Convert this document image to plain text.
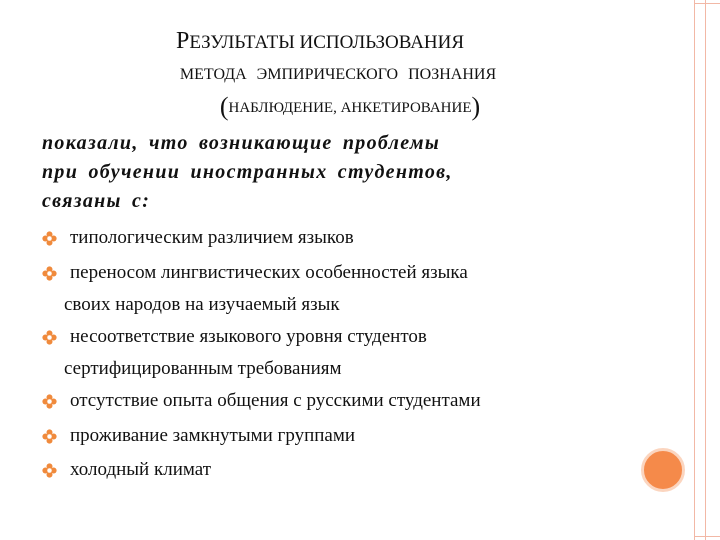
РЕЗУЛЬТАТЫ ИСПОЛЬЗОВАНИЯ
МЕТОДА ЭМПИРИЧЕСКОГО ПОЗНАНИЯ
(НАБЛЮДЕНИЕ, АНКЕТИРОВАНИЕ)
показали, что возникающие проблемы
при обучении иностранных студентов,
связаны с:
типологическим различием языков
переносом лингвистических особенностей языка
своих народов на изучаемый язык
несоответствие языкового уровня студентов
сертифицированным требованиям
отсутствие опыта общения с русскими студентами
проживание замкнутыми группами
холодный климат
